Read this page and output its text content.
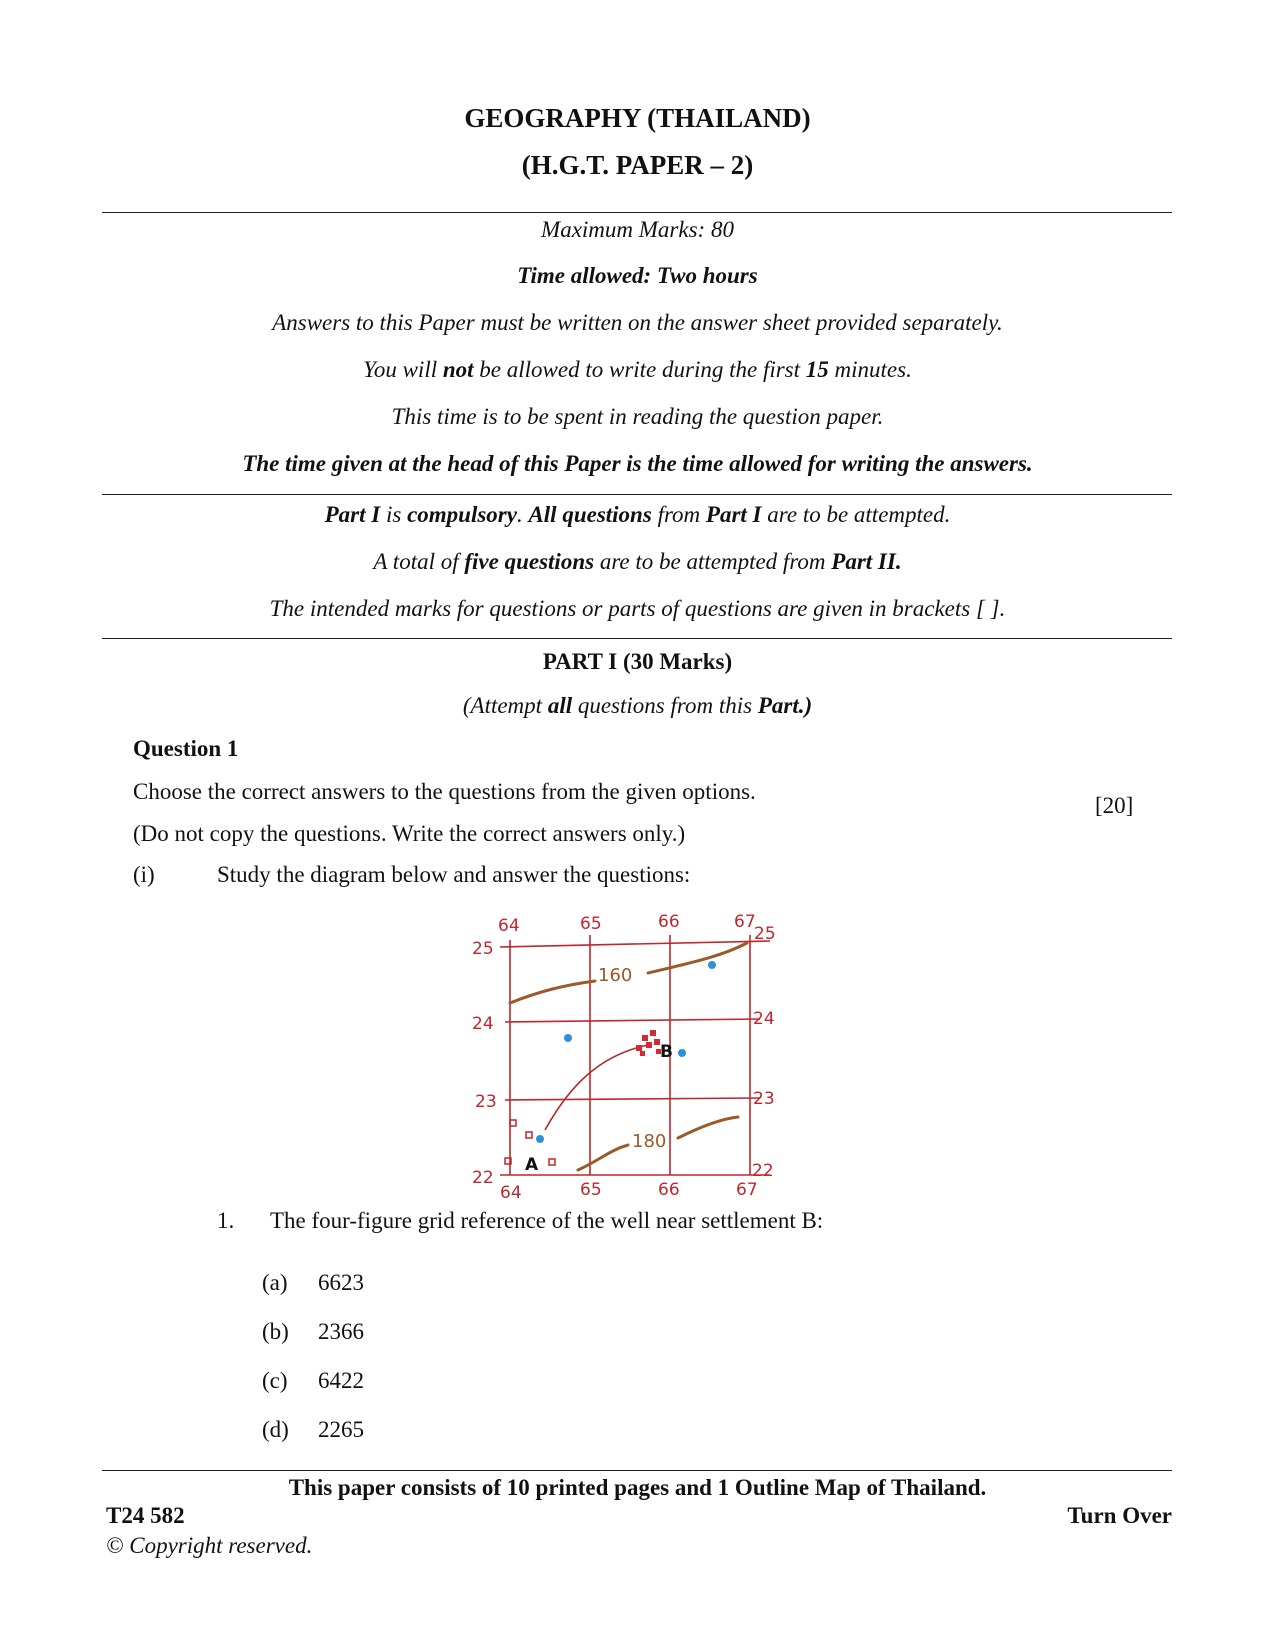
GEOGRAPHY (THAILAND)
(H.G.T. PAPER – 2)
Maximum Marks: 80
Time allowed: Two hours
Answers to this Paper must be written on the answer sheet provided separately.
You will not be allowed to write during the first 15 minutes.
This time is to be spent in reading the question paper.
The time given at the head of this Paper is the time allowed for writing the answers.
Part I is compulsory. All questions from Part I are to be attempted.
A total of five questions are to be attempted from Part II.
The intended marks for questions or parts of questions are given in brackets [ ].
PART I (30 Marks)
(Attempt all questions from this Part.)
Question 1
Choose the correct answers to the questions from the given options.
[20]
(Do not copy the questions. Write the correct answers only.)
(i)	Study the diagram below and answer the questions:
64	65	66	67
64	65	66	67
25
24
23
22
25
24
23
22
160
180
B
A
1. The four-figure grid reference of the well near settlement B:
(a) 6623
(b) 2366
(c) 6422
(d) 2265
This paper consists of 10 printed pages and 1 Outline Map of Thailand.
T24 582	Turn Over
© Copyright reserved.
